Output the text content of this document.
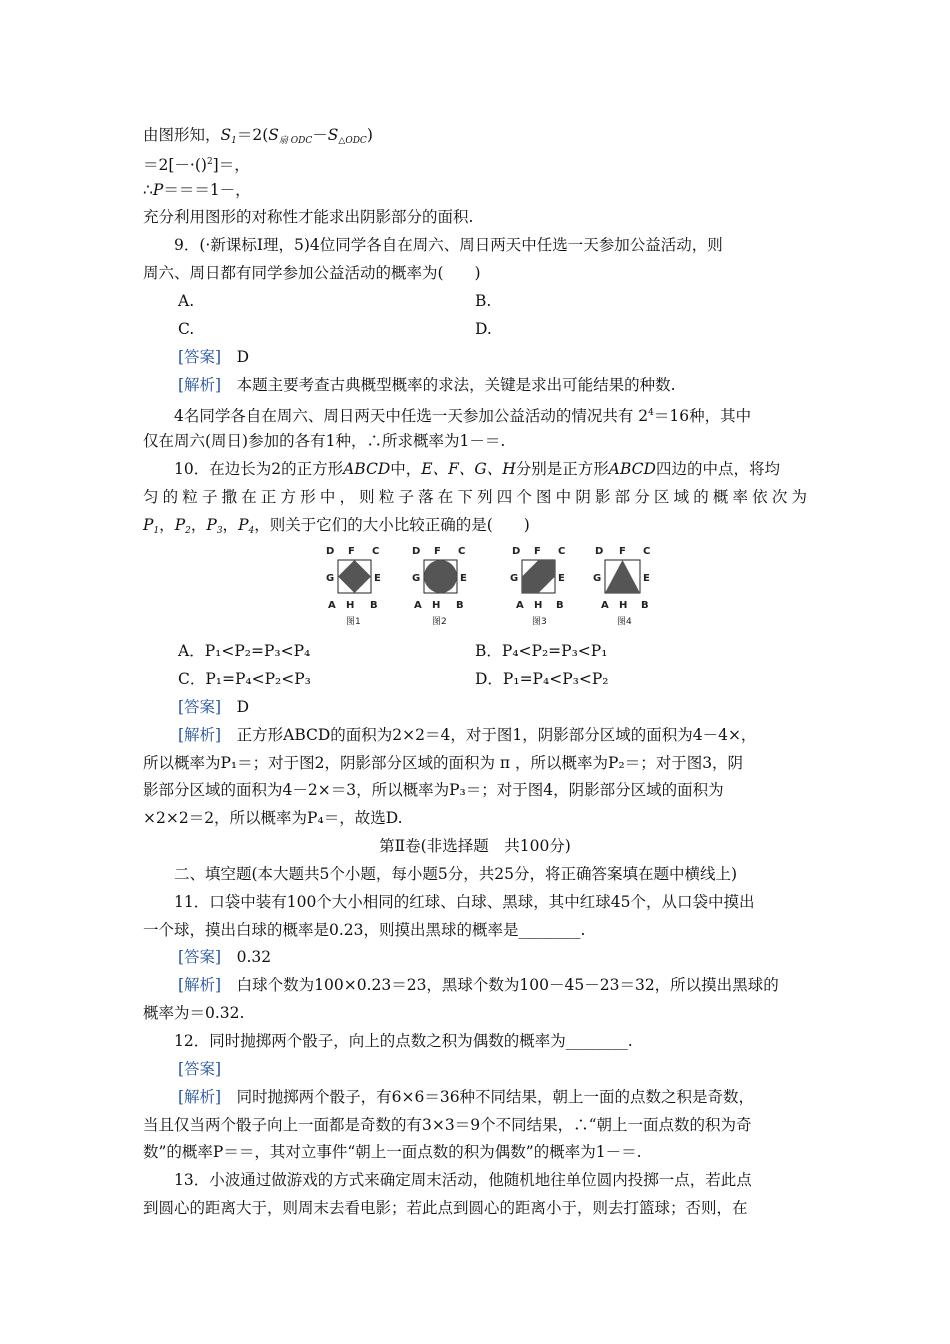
由图形知，$S_1=2(S_{扇 ODC}-S_{\triangle ODC})$
＝2[－·()$^2$]＝，
∴P＝＝＝1－，
充分利用图形的对称性才能求出阴影部分的面积.
9．(·新课标Ⅰ理，5)4位同学各自在周六、周日两天中任选一天参加公益活动，则
周六、周日都有同学参加公益活动的概率为(　　)
A.	B.
C.	D.
[答案]　 D
[解析]　 本题主要考查古典概型概率的求法，关键是求出可能结果的种数.
4名同学各自在周六、周日两天中任选一天参加公益活动的情况共有 $2^4=16$种，其中
仅在周六(周日)参加的各有1种，∴所求概率为1－＝.
10．在边长为2的正方形ABCD中，E、F、G、H分别是正方形ABCD四边的中点，将均
匀的粒子撒在正方形中，则粒子落在下列四个图中阴影部分区域的概率依次为
$P_1$，$P_2$，$P_3$，$P_4$，则关于它们的大小比较正确的是(　　)
D F C
G	E
A H B
图1
D F C
G	E
A H B
图2
D F C
G	E
A H B
图3
D F C
G	E
A H B
图4
A．P₁<P₂=P₃<P₄	B．P₄<P₂=P₃<P₁
C．P₁=P₄<P₂<P₃	D．P₁=P₄<P₃<P₂
[答案]　 D
[解析]　 正方形ABCD的面积为2×2＝4，对于图1，阴影部分区域的面积为4－4×，
所以概率为P₁＝；对于图2，阴影部分区域的面积为 π ，所以概率为P₂＝；对于图3，阴
影部分区域的面积为4－2×＝3，所以概率为P₃＝；对于图4，阴影部分区域的面积为
×2×2＝2，所以概率为P₄＝，故选D.
第Ⅱ卷(非选择题　共100分)
二、填空题(本大题共5个小题，每小题5分，共25分，将正确答案填在题中横线上)
11．口袋中装有100个大小相同的红球、白球、黑球，其中红球45个，从口袋中摸出
一个球，摸出白球的概率是0.23，则摸出黑球的概率是________.
[答案]　 0.32
[解析]　 白球个数为100×0.23＝23，黑球个数为100－45－23＝32，所以摸出黑球的
概率为＝0.32.
12．同时抛掷两个骰子，向上的点数之积为偶数的概率为________.
[答案]
[解析]　 同时抛掷两个骰子，有6×6＝36种不同结果，朝上一面的点数之积是奇数，
当且仅当两个骰子向上一面都是奇数的有3×3＝9个不同结果，∴“朝上一面点数的积为奇
数”的概率P＝＝，其对立事件“朝上一面点数的积为偶数”的概率为1－＝.
13．小波通过做游戏的方式来确定周末活动，他随机地往单位圆内投掷一点，若此点
到圆心的距离大于，则周末去看电影；若此点到圆心的距离小于，则去打篮球；否则，在
